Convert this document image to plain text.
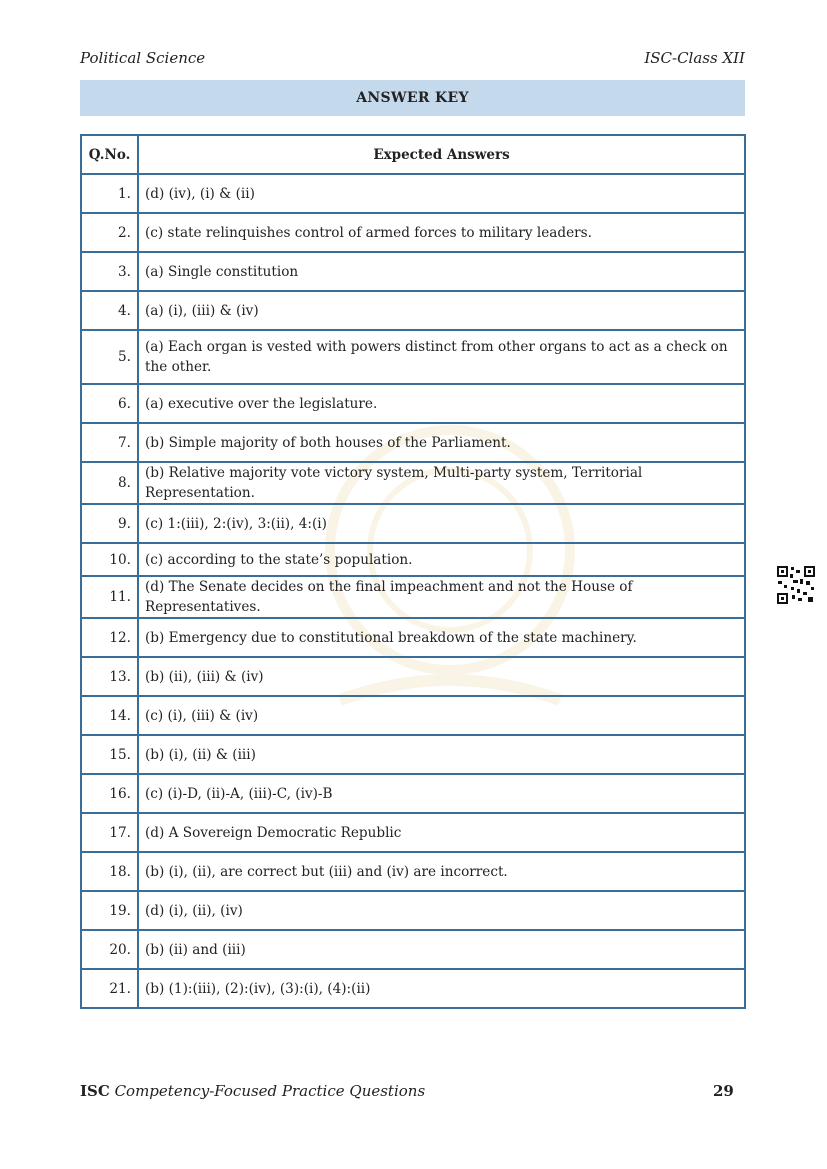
Political Science	ISC-Class XII
ANSWER KEY
Q.No.	Expected Answers
1.	(d) (iv), (i) & (ii)
2.	(c) state relinquishes control of armed forces to military leaders.
3.	(a) Single constitution
4.	(a) (i), (iii) & (iv)
5.	(a) Each organ is vested with powers distinct from other organs to act as a check on the other.
6.	(a) executive over the legislature.
7.	(b) Simple majority of both houses of the Parliament.
8.	(b) Relative majority vote victory system, Multi-party system, Territorial Representation.
9.	(c) 1:(iii), 2:(iv), 3:(ii), 4:(i)
10.	(c) according to the state’s population.
11.	(d) The Senate decides on the final impeachment and not the House of Representatives.
12.	(b) Emergency due to constitutional breakdown of the state machinery.
13.	(b) (ii), (iii) & (iv)
14.	(c) (i), (iii) & (iv)
15.	(b) (i), (ii) & (iii)
16.	(c) (i)-D, (ii)-A, (iii)-C, (iv)-B
17.	(d) A Sovereign Democratic Republic
18.	(b) (i), (ii), are correct but (iii) and (iv) are incorrect.
19.	(d) (i), (ii), (iv)
20.	(b) (ii) and (iii)
21.	(b) (1):(iii), (2):(iv), (3):(i), (4):(ii)
ISC Competency-Focused Practice Questions	29
